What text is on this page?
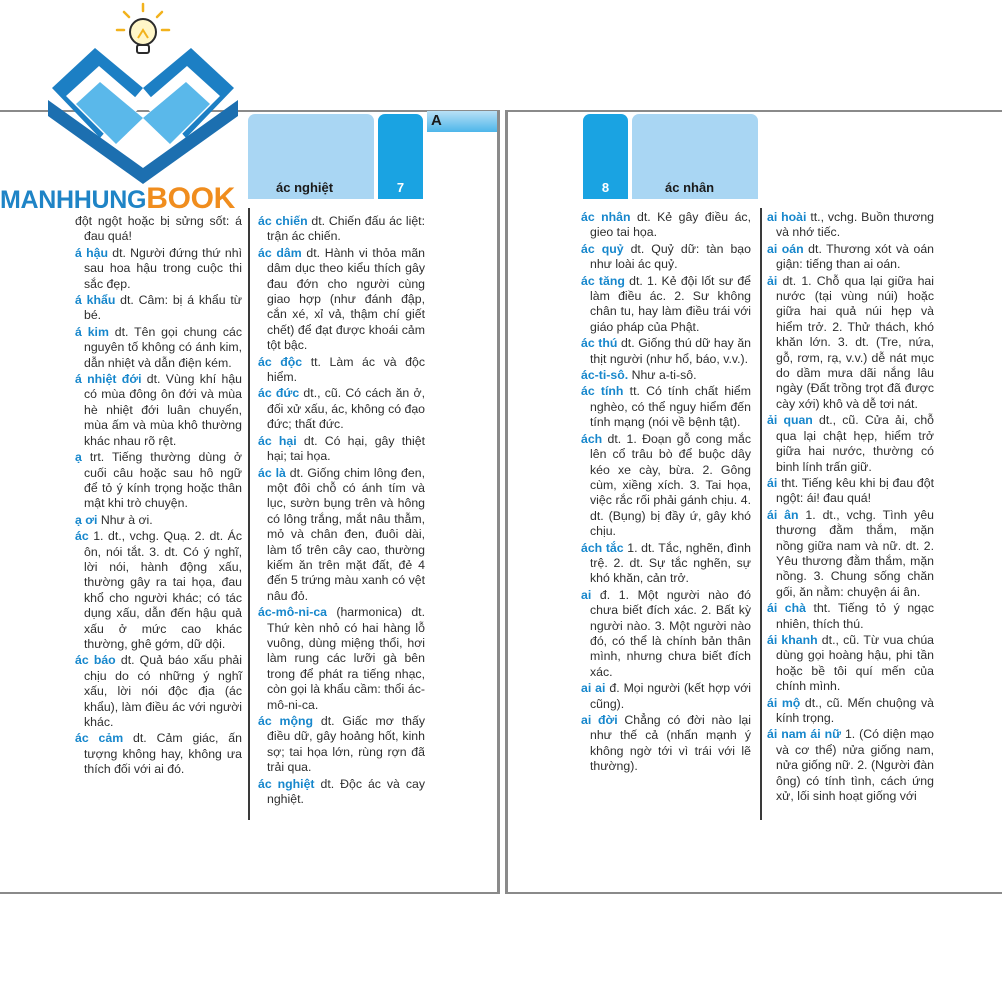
ác nghiệt	7

đột ngột hoặc bị sửng sốt: á đau quá!

á hậu dt. Người đứng thứ nhì sau hoa hậu trong cuộc thi sắc đẹp.

á khẩu dt. Câm: bị á khẩu từ bé.

á kim dt. Tên gọi chung các nguyên tố không có ánh kim, dẫn nhiệt và dẫn điện kém.

á nhiệt đới dt. Vùng khí hậu có mùa đông ôn đới và mùa hè nhiệt đới luân chuyển, mùa ấm và mùa khô thường khác nhau rõ rệt.

ạ trt. Tiếng thường dùng ở cuối câu hoặc sau hô ngữ để tỏ ý kính trọng hoặc thân mật khi trò chuyện.

ạ ơi Như à ơi.

ác 1. dt., vchg. Quạ. 2. dt. Ác ôn, nói tắt. 3. dt. Có ý nghĩ, lời nói, hành động xấu, thường gây ra tai họa, đau khổ cho người khác; có tác dụng xấu, dẫn đến hậu quả xấu ở mức cao khác thường, ghê gớm, dữ dội.

ác báo dt. Quả báo xấu phải chịu do có những ý nghĩ xấu, lời nói độc địa (ác khẩu), làm điều ác với người khác.

ác cảm dt. Cảm giác, ấn tượng không hay, không ưa thích đối với ai đó.

ác chiến dt. Chiến đấu ác liệt: trận ác chiến.

ác dâm dt. Hành vi thỏa mãn dâm dục theo kiểu thích gây đau đớn cho người cùng giao hợp (như đánh đập, cắn xé, xỉ vả, thậm chí giết chết) để đạt được khoái cảm tột bậc.

ác độc tt. Làm ác và độc hiểm.

ác đức dt., cũ. Có cách ăn ở, đối xử xấu, ác, không có đạo đức; thất đức.

ác hại dt. Có hại, gây thiệt hại; tai họa.

ác là dt. Giống chim lông đen, một đôi chỗ có ánh tím và lục, sườn bụng trên và hông có lông trắng, mắt nâu thẫm, mỏ và chân đen, đuôi dài, làm tổ trên cây cao, thường kiếm ăn trên mặt đất, đẻ 4 đến 5 trứng màu xanh có vệt nâu đỏ.

ác-mô-ni-ca (harmonica) dt. Thứ kèn nhỏ có hai hàng lỗ vuông, dùng miệng thổi, hơi làm rung các lưỡi gà bên trong để phát ra tiếng nhạc, còn gọi là khẩu cầm: thổi ác-mô-ni-ca.

ác mộng dt. Giấc mơ thấy điều dữ, gây hoảng hốt, kinh sợ; tai họa lớn, rùng rợn đã trải qua.

ác nghiệt dt. Độc ác và cay nghiệt.

A
8	ác nhân

ác nhân dt. Kẻ gây điều ác, gieo tai họa.

ác quỷ dt. Quỷ dữ: tàn bạo như loài ác quỷ.

ác tăng dt. 1. Kẻ đội lốt sư để làm điều ác. 2. Sư không chân tu, hay làm điều trái với giáo pháp của Phật.

ác thú dt. Giống thú dữ hay ăn thịt người (như hổ, báo, v.v.).

ác-ti-sô. Như a-ti-sô.

ác tính tt. Có tính chất hiểm nghèo, có thể nguy hiểm đến tính mạng (nói về bệnh tật).

ách dt. 1. Đoạn gỗ cong mắc lên cổ trâu bò để buộc dây kéo xe cày, bừa. 2. Gông cùm, xiềng xích. 3. Tai họa, việc rắc rối phải gánh chịu. 4. dt. (Bụng) bị đầy ứ, gây khó chịu.

ách tắc 1. dt. Tắc, nghẽn, đình trệ. 2. dt. Sự tắc nghẽn, sự khó khăn, cản trở.

ai đ. 1. Một người nào đó chưa biết đích xác. 2. Bất kỳ người nào. 3. Một người nào đó, có thể là chính bản thân mình, nhưng chưa biết đích xác.

ai ai đ. Mọi người (kết hợp với cũng).

ai đời Chẳng có đời nào lại như thế cả (nhấn mạnh ý không ngờ tới vì trái với lẽ thường).

ai hoài tt., vchg. Buồn thương và nhớ tiếc.

ai oán dt. Thương xót và oán giận: tiếng than ai oán.

ải dt. 1. Chỗ qua lại giữa hai nước (tại vùng núi) hoặc giữa hai quả núi hẹp và hiểm trở. 2. Thử thách, khó khăn lớn. 3. dt. (Tre, nứa, gỗ, rơm, rạ, v.v.) dễ nát mục do dầm mưa dãi nắng lâu ngày (Đất trồng trọt đã được cày xới) khô và dễ tơi nát.

ải quan dt., cũ. Cửa ải, chỗ qua lại chật hẹp, hiểm trở giữa hai nước, thường có binh lính trấn giữ.

ái tht. Tiếng kêu khi bị đau đột ngột: ái! đau quá!

ái ân 1. dt., vchg. Tình yêu thương đằm thắm, mặn nồng giữa nam và nữ. dt. 2. Yêu thương đằm thắm, mặn nồng. 3. Chung sống chăn gối, ăn nằm: chuyện ái ân.

ái chà tht. Tiếng tỏ ý ngạc nhiên, thích thú.

ái khanh dt., cũ. Từ vua chúa dùng gọi hoàng hậu, phi tần hoặc bề tôi quí mến của chính mình.

ái mộ dt., cũ. Mến chuộng và kính trọng.

ái nam ái nữ 1. (Có diện mạo và cơ thể) nửa giống nam, nửa giống nữ. 2. (Người đàn ông) có tính tình, cách ứng xử, lối sinh hoạt giống với

MANHHUNGBOOK
